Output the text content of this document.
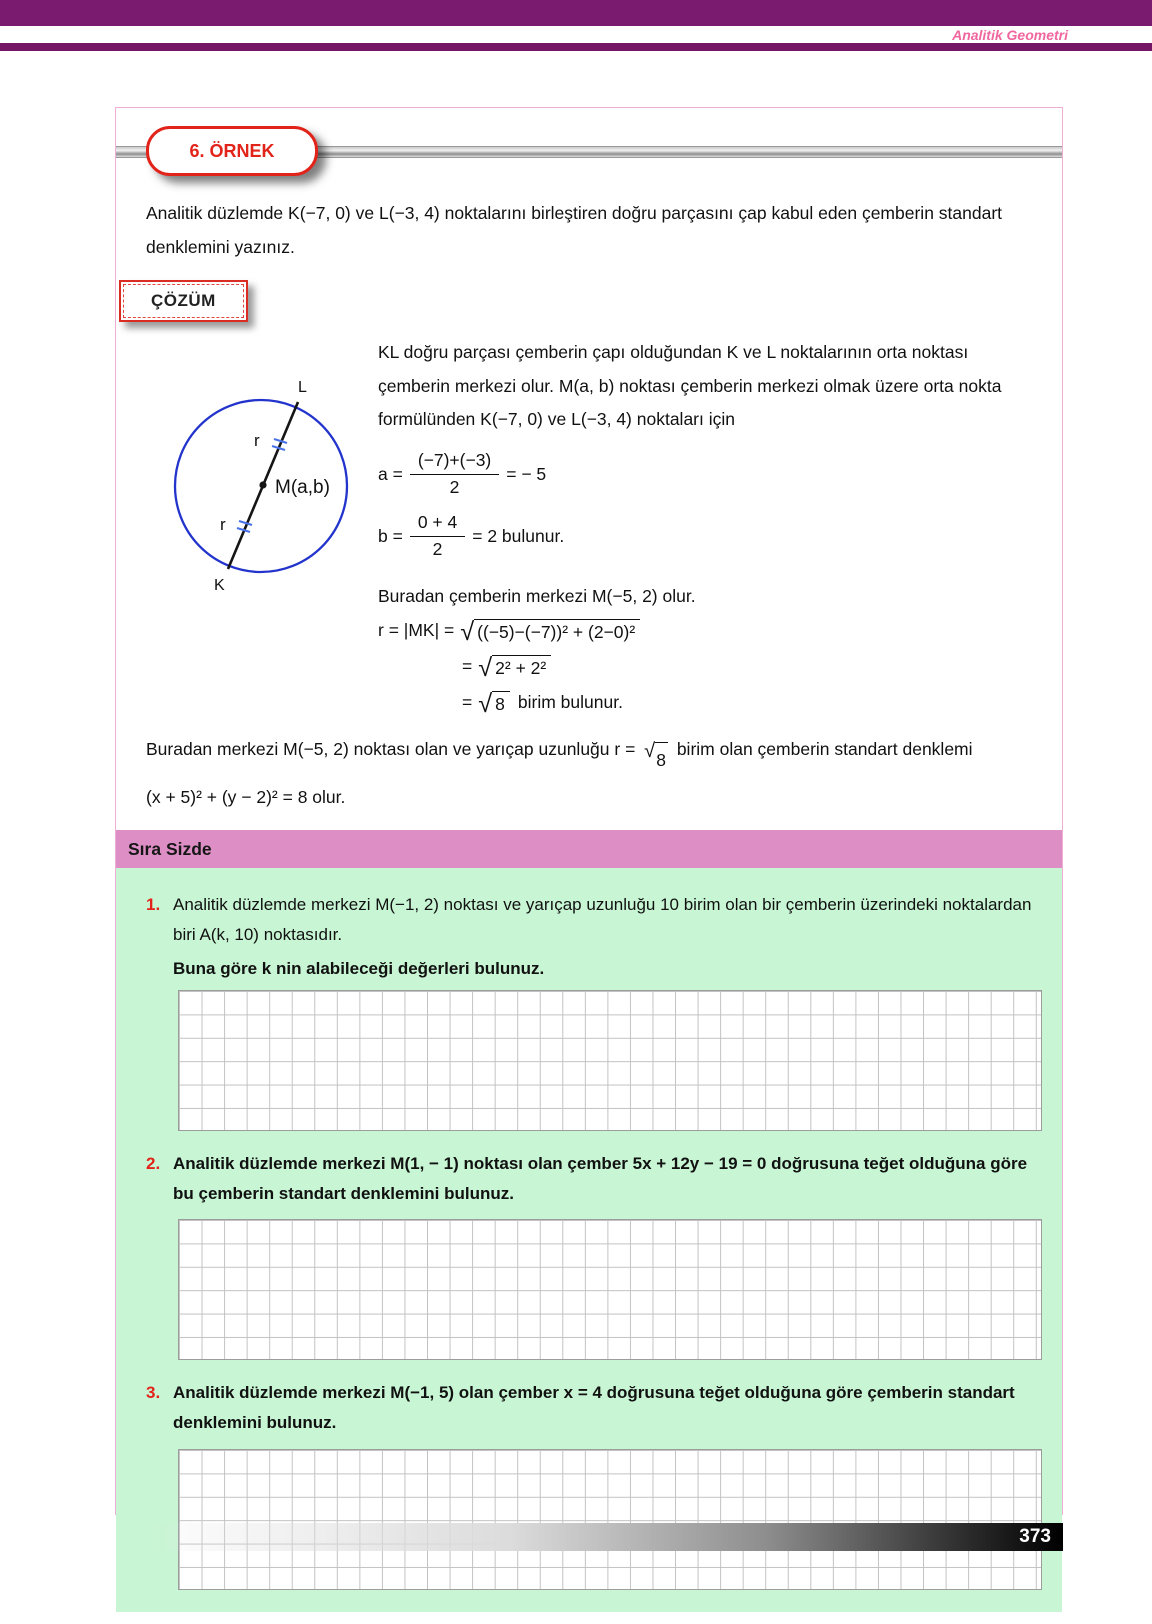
Analitik Geometri
6. ÖRNEK
Analitik düzlemde K(−7, 0) ve L(−3, 4) noktalarını birleştiren doğru parçasını çap kabul eden çemberin standart denklemini yazınız.
ÇÖZÜM
L
K
r
r
M(a,b)
KL doğru parçası çemberin çapı olduğundan K ve L noktalarının orta noktası çemberin merkezi olur. M(a, b) noktası çemberin merkezi olmak üzere orta nokta formülünden K(−7, 0) ve L(−3, 4) noktaları için
$a = \frac{(-7)+(-3)}{2}$ = − 5
$b = \frac{0 + 4}{2} = 2$ bulunur.
Buradan çemberin merkezi M(−5, 2) olur.
r = |MK| = √ ((−5)−(−7))² + (2−0)²
= √ 2² + 2²
= √ 8 birim bulunur.
Buradan merkezi M(−5, 2) noktası olan ve yarıçap uzunluğu r = √ 8
birim olan çemberin standart denklemi
(x + 5)² + (y − 2)² = 8 olur.
Sıra Sizde
1. Analitik düzlemde merkezi M(−1, 2) noktası ve yarıçap uzunluğu 10 birim olan bir çemberin üzerindeki noktalardan biri A(k, 10) noktasıdır.
Buna göre k nin alabileceği değerleri bulunuz.
2. Analitik düzlemde merkezi M(1, − 1) noktası olan çember 5x + 12y − 19 = 0 doğrusuna teğet olduğuna göre bu çemberin standart denklemini bulunuz.
3. Analitik düzlemde merkezi M(−1, 5) olan çember x = 4 doğrusuna teğet olduğuna göre çemberin standart denklemini bulunuz.
373
